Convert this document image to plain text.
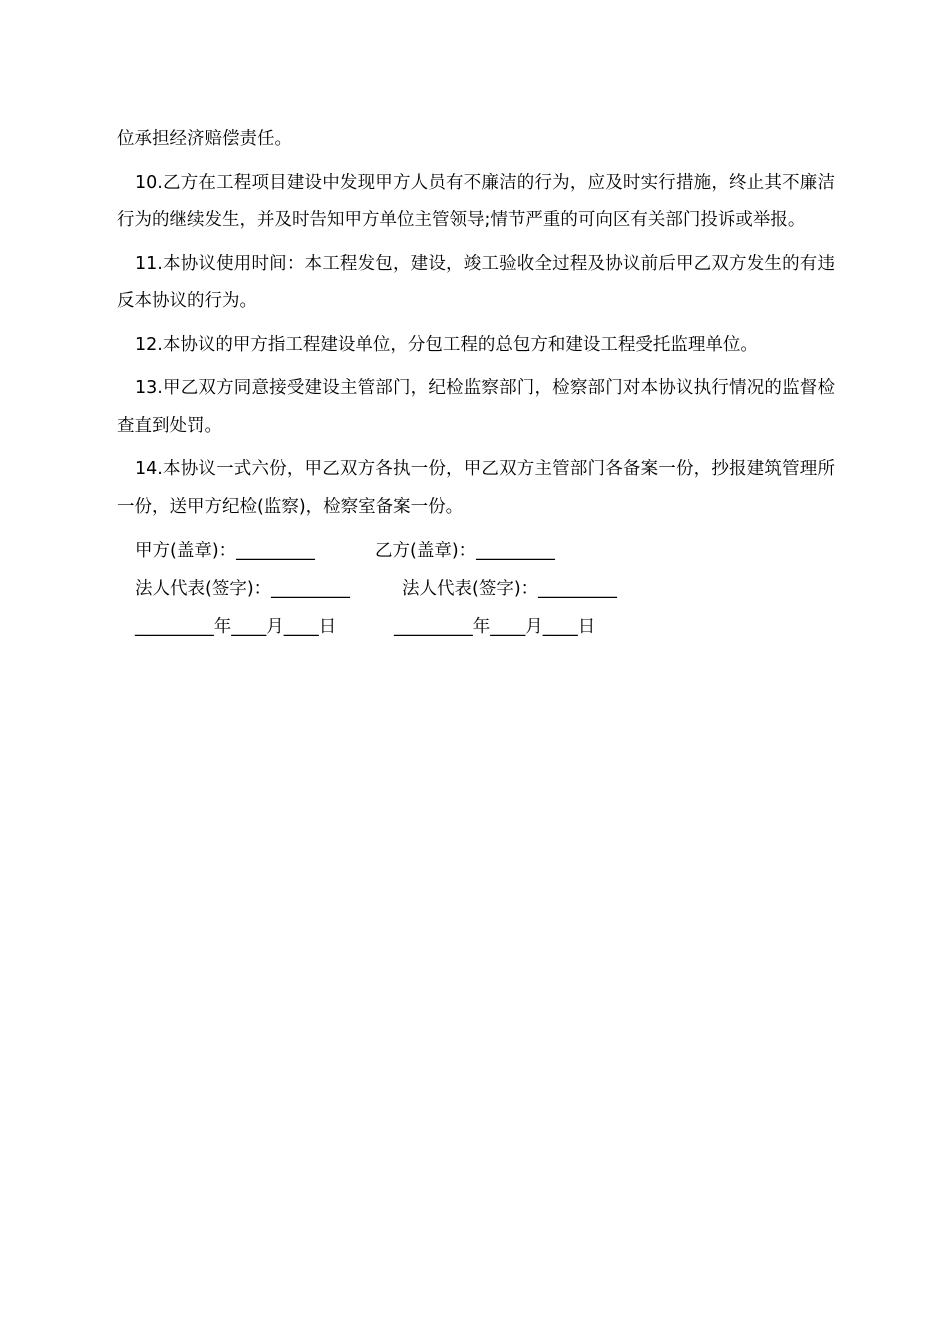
位承担经济赔偿责任。

10.乙方在工程项目建设中发现甲方人员有不廉洁的行为，应及时实行措施，终止其不廉洁行为的继续发生，并及时告知甲方单位主管领导;情节严重的可向区有关部门投诉或举报。

11.本协议使用时间：本工程发包，建设，竣工验收全过程及协议前后甲乙双方发生的有违反本协议的行为。

12.本协议的甲方指工程建设单位，分包工程的总包方和建设工程受托监理单位。

13.甲乙双方同意接受建设主管部门，纪检监察部门，检察部门对本协议执行情况的监督检查直到处罚。

14.本协议一式六份，甲乙双方各执一份，甲乙双方主管部门各备案一份，抄报建筑管理所一份，送甲方纪检(监察)，检察室备案一份。

甲方(盖章)：_________	乙方(盖章)：_________
法人代表(签字)：_________	法人代表(签字)：_________
_________年____月____日	_________年____月____日
